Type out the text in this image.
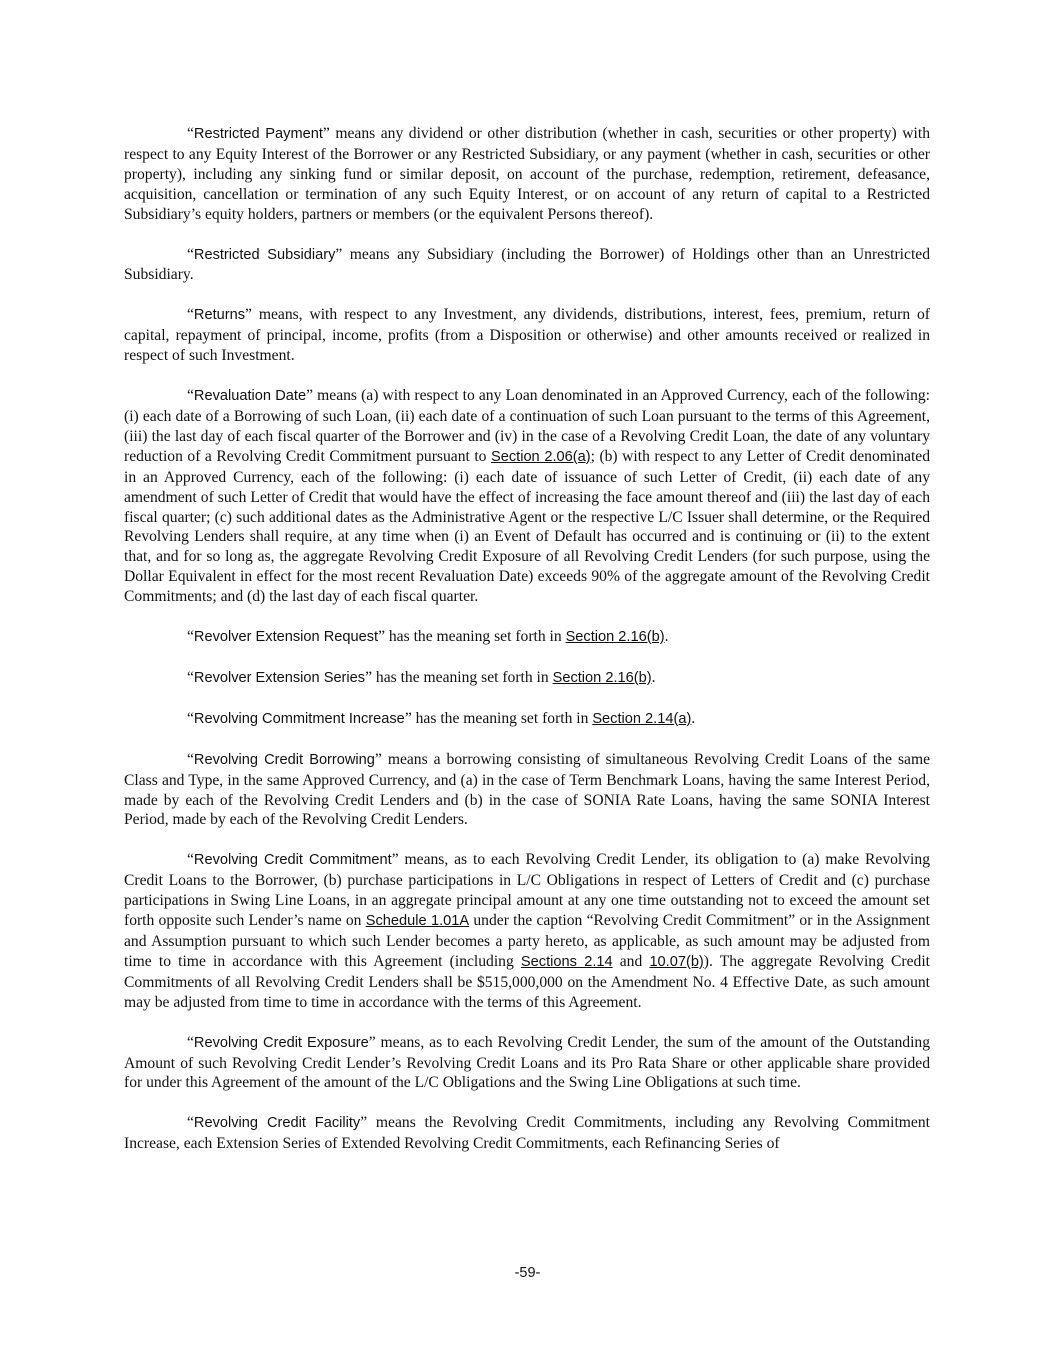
“Restricted Payment” means any dividend or other distribution (whether in cash, securities or other property) with respect to any Equity Interest of the Borrower or any Restricted Subsidiary, or any payment (whether in cash, securities or other property), including any sinking fund or similar deposit, on account of the purchase, redemption, retirement, defeasance, acquisition, cancellation or termination of any such Equity Interest, or on account of any return of capital to a Restricted Subsidiary’s equity holders, partners or members (or the equivalent Persons thereof).

“Restricted Subsidiary” means any Subsidiary (including the Borrower) of Holdings other than an Unrestricted Subsidiary.

“Returns” means, with respect to any Investment, any dividends, distributions, interest, fees, premium, return of capital, repayment of principal, income, profits (from a Disposition or otherwise) and other amounts received or realized in respect of such Investment.

“Revaluation Date” means (a) with respect to any Loan denominated in an Approved Currency, each of the following: (i) each date of a Borrowing of such Loan, (ii) each date of a continuation of such Loan pursuant to the terms of this Agreement, (iii) the last day of each fiscal quarter of the Borrower and (iv) in the case of a Revolving Credit Loan, the date of any voluntary reduction of a Revolving Credit Commitment pursuant to Section 2.06(a); (b) with respect to any Letter of Credit denominated in an Approved Currency, each of the following: (i) each date of issuance of such Letter of Credit, (ii) each date of any amendment of such Letter of Credit that would have the effect of increasing the face amount thereof and (iii) the last day of each fiscal quarter; (c) such additional dates as the Administrative Agent or the respective L/C Issuer shall determine, or the Required Revolving Lenders shall require, at any time when (i) an Event of Default has occurred and is continuing or (ii) to the extent that, and for so long as, the aggregate Revolving Credit Exposure of all Revolving Credit Lenders (for such purpose, using the Dollar Equivalent in effect for the most recent Revaluation Date) exceeds 90% of the aggregate amount of the Revolving Credit Commitments; and (d) the last day of each fiscal quarter.

“Revolver Extension Request” has the meaning set forth in Section 2.16(b).

“Revolver Extension Series” has the meaning set forth in Section 2.16(b).

“Revolving Commitment Increase” has the meaning set forth in Section 2.14(a).

“Revolving Credit Borrowing” means a borrowing consisting of simultaneous Revolving Credit Loans of the same Class and Type, in the same Approved Currency, and (a) in the case of Term Benchmark Loans, having the same Interest Period, made by each of the Revolving Credit Lenders and (b) in the case of SONIA Rate Loans, having the same SONIA Interest Period, made by each of the Revolving Credit Lenders.

“Revolving Credit Commitment” means, as to each Revolving Credit Lender, its obligation to (a) make Revolving Credit Loans to the Borrower, (b) purchase participations in L/C Obligations in respect of Letters of Credit and (c) purchase participations in Swing Line Loans, in an aggregate principal amount at any one time outstanding not to exceed the amount set forth opposite such Lender’s name on Schedule 1.01A under the caption “Revolving Credit Commitment” or in the Assignment and Assumption pursuant to which such Lender becomes a party hereto, as applicable, as such amount may be adjusted from time to time in accordance with this Agreement (including Sections 2.14 and 10.07(b)). The aggregate Revolving Credit Commitments of all Revolving Credit Lenders shall be $515,000,000 on the Amendment No. 4 Effective Date, as such amount may be adjusted from time to time in accordance with the terms of this Agreement.

“Revolving Credit Exposure” means, as to each Revolving Credit Lender, the sum of the amount of the Outstanding Amount of such Revolving Credit Lender’s Revolving Credit Loans and its Pro Rata Share or other applicable share provided for under this Agreement of the amount of the L/C Obligations and the Swing Line Obligations at such time.

“Revolving Credit Facility” means the Revolving Credit Commitments, including any Revolving Commitment Increase, each Extension Series of Extended Revolving Credit Commitments, each Refinancing Series of

-59-
